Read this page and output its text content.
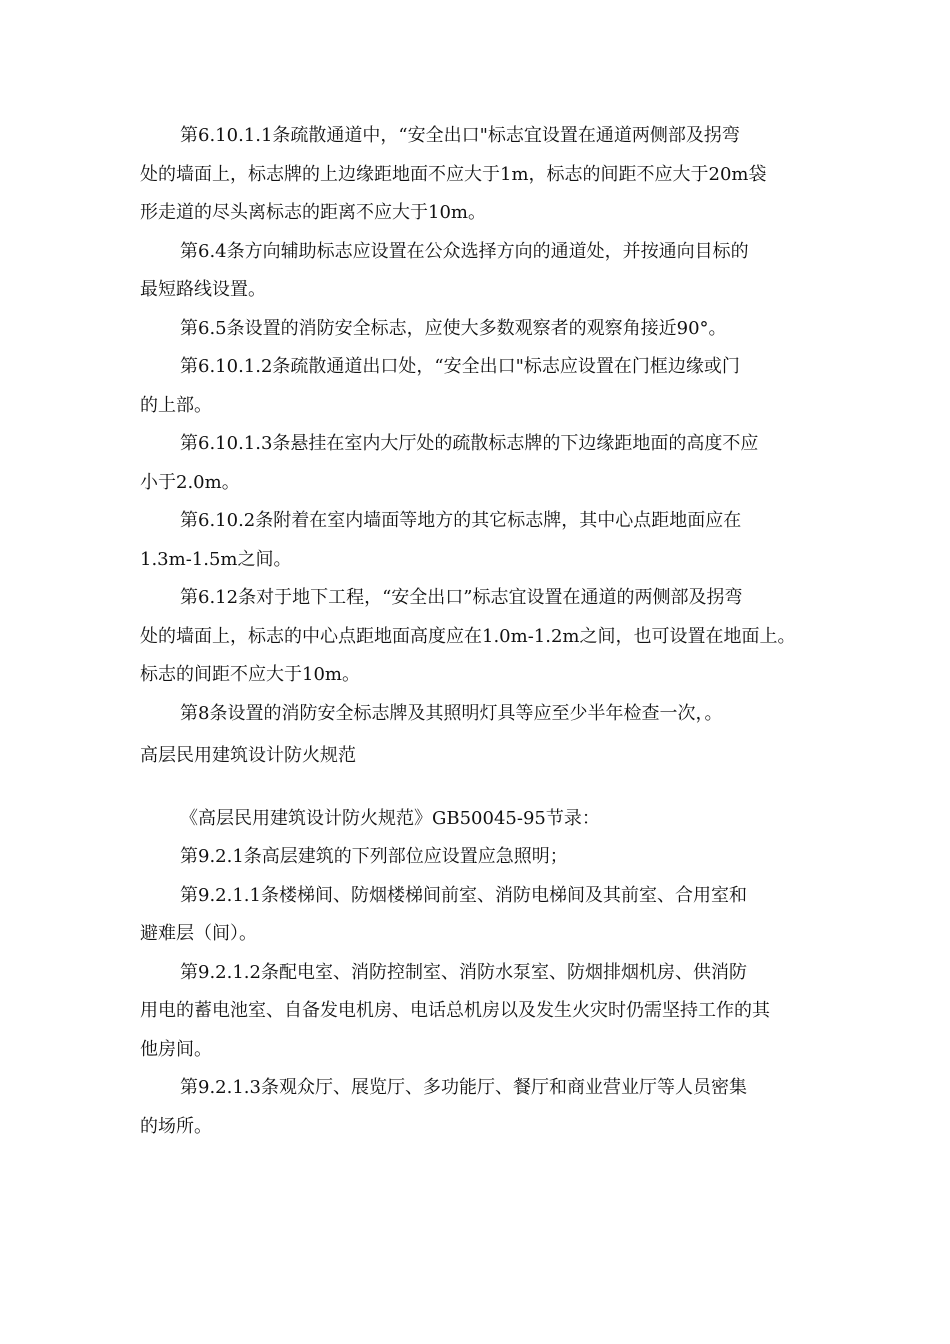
第6.10.1.1条疏散通道中，“安全出口"标志宜设置在通道两侧部及拐弯
处的墙面上，标志牌的上边缘距地面不应大于1m，标志的间距不应大于20m袋
形走道的尽头离标志的距离不应大于10m。

第6.4条方向辅助标志应设置在公众选择方向的通道处，并按通向目标的
最短路线设置。

第6.5条设置的消防安全标志，应使大多数观察者的观察角接近90°。

第6.10.1.2条疏散通道出口处，“安全出口"标志应设置在门框边缘或门
的上部。

第6.10.1.3条悬挂在室内大厅处的疏散标志牌的下边缘距地面的高度不应
小于2.0m。

第6.10.2条附着在室内墙面等地方的其它标志牌，其中心点距地面应在
1.3m-1.5m之间。

第6.12条对于地下工程，“安全出口”标志宜设置在通道的两侧部及拐弯
处的墙面上，标志的中心点距地面高度应在1.0m-1.2m之间，也可设置在地面上。
标志的间距不应大于10m。

第8条设置的消防安全标志牌及其照明灯具等应至少半年检查一次，。

高层民用建筑设计防火规范

《高层民用建筑设计防火规范》GB50045-95节录：

第9.2.1条高层建筑的下列部位应设置应急照明；

第9.2.1.1条楼梯间、防烟楼梯间前室、消防电梯间及其前室、合用室和
避难层（间）。

第9.2.1.2条配电室、消防控制室、消防水泵室、防烟排烟机房、供消防
用电的蓄电池室、自备发电机房、电话总机房以及发生火灾时仍需坚持工作的其
他房间。

第9.2.1.3条观众厅、展览厅、多功能厅、餐厅和商业营业厅等人员密集
的场所。
